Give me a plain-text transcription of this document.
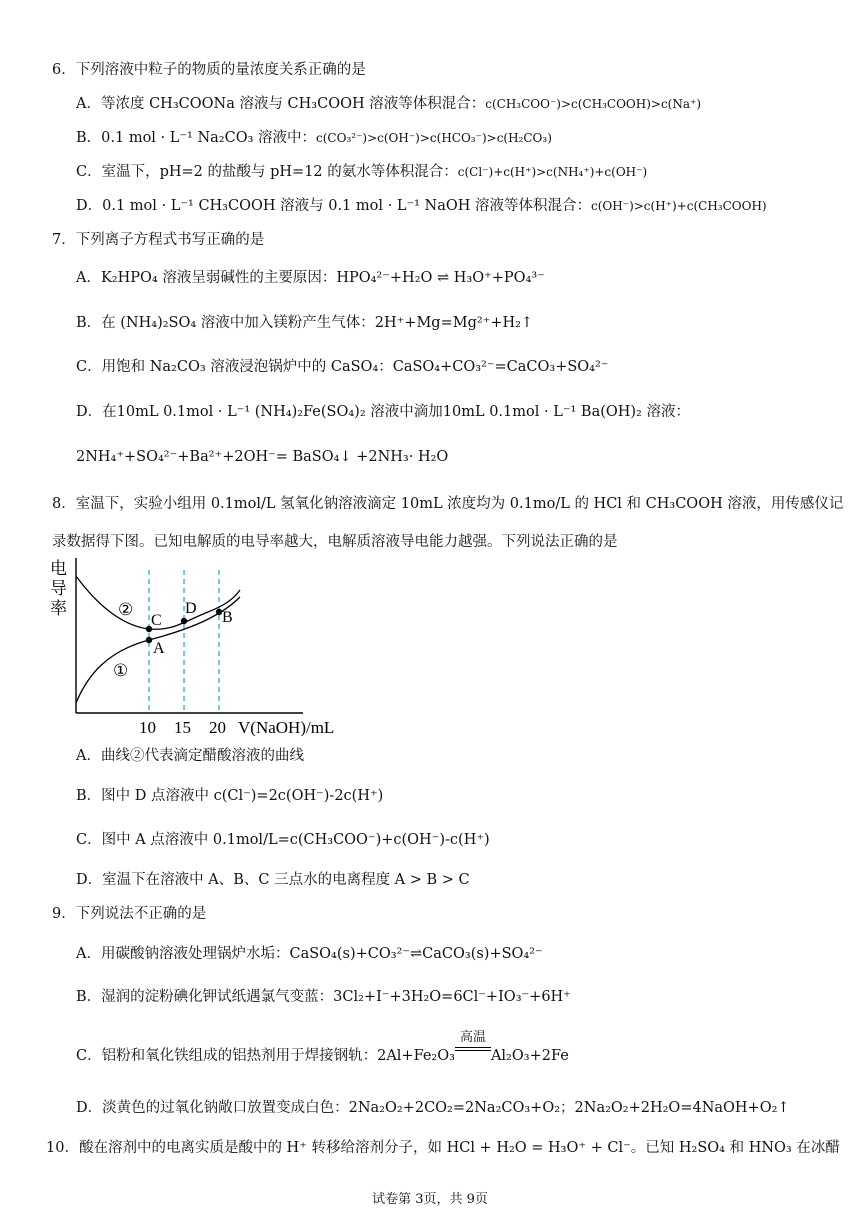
6．下列溶液中粒子的物质的量浓度关系正确的是
A．等浓度 CH₃COONa 溶液与 CH₃COOH 溶液等体积混合：c(CH₃COO⁻)>c(CH₃COOH)>c(Na⁺)
B．0.1 mol · L⁻¹ Na₂CO₃ 溶液中：c(CO₃²⁻)>c(OH⁻)>c(HCO₃⁻)>c(H₂CO₃)
C．室温下，pH=2 的盐酸与 pH=12 的氨水等体积混合：c(Cl⁻)+c(H⁺)>c(NH₄⁺)+c(OH⁻)
D．0.1 mol · L⁻¹ CH₃COOH 溶液与 0.1 mol · L⁻¹ NaOH 溶液等体积混合：c(OH⁻)>c(H⁺)+c(CH₃COOH)
7．下列离子方程式书写正确的是
A．K₂HPO₄ 溶液呈弱碱性的主要原因：HPO₄²⁻+H₂O ⇌ H₃O⁺+PO₄³⁻
B．在 (NH₄)₂SO₄ 溶液中加入镁粉产生气体：2H⁺+Mg=Mg²⁺+H₂↑
C．用饱和 Na₂CO₃ 溶液浸泡锅炉中的 CaSO₄：CaSO₄+CO₃²⁻=CaCO₃+SO₄²⁻
D．在10mL 0.1mol · L⁻¹ (NH₄)₂Fe(SO₄)₂ 溶液中滴加10mL 0.1mol · L⁻¹ Ba(OH)₂ 溶液：
2NH₄⁺+SO₄²⁻+Ba²⁺+2OH⁻= BaSO₄↓ +2NH₃· H₂O
8．室温下，实验小组用 0.1mol/L 氢氧化钠溶液滴定 10mL 浓度均为 0.1mo/L 的 HCl 和 CH₃COOH 溶液，用传感仪记
录数据得下图。已知电解质的电导率越大，电解质溶液导电能力越强。下列说法正确的是
电导率
A
B
C
D
①
②
10 15 20 V(NaOH)/mL
A．曲线②代表滴定醋酸溶液的曲线
B．图中 D 点溶液中 c(Cl⁻)=2c(OH⁻)-2c(H⁺)
C．图中 A 点溶液中 0.1mol/L=c(CH₃COO⁻)+c(OH⁻)-c(H⁺)
D．室温下在溶液中 A、B、C 三点水的电离程度 A > B > C
9．下列说法不正确的是
A．用碳酸钠溶液处理锅炉水垢：CaSO₄(s)+CO₃²⁻⇌CaCO₃(s)+SO₄²⁻
B．湿润的淀粉碘化钾试纸遇氯气变蓝：3Cl₂+I⁻+3H₂O=6Cl⁻+IO₃⁻+6H⁺
C．铝粉和氧化铁组成的铝热剂用于焊接钢轨：2Al+Fe₂O₃
高温
Al₂O₃+2Fe
D．淡黄色的过氧化钠敞口放置变成白色：2Na₂O₂+2CO₂=2Na₂CO₃+O₂；2Na₂O₂+2H₂O=4NaOH+O₂↑
10．酸在溶剂中的电离实质是酸中的 H⁺ 转移给溶剂分子，如 HCl + H₂O = H₃O⁺ + Cl⁻。已知 H₂SO₄ 和 HNO₃ 在冰醋
试卷第 3页，共 9页
